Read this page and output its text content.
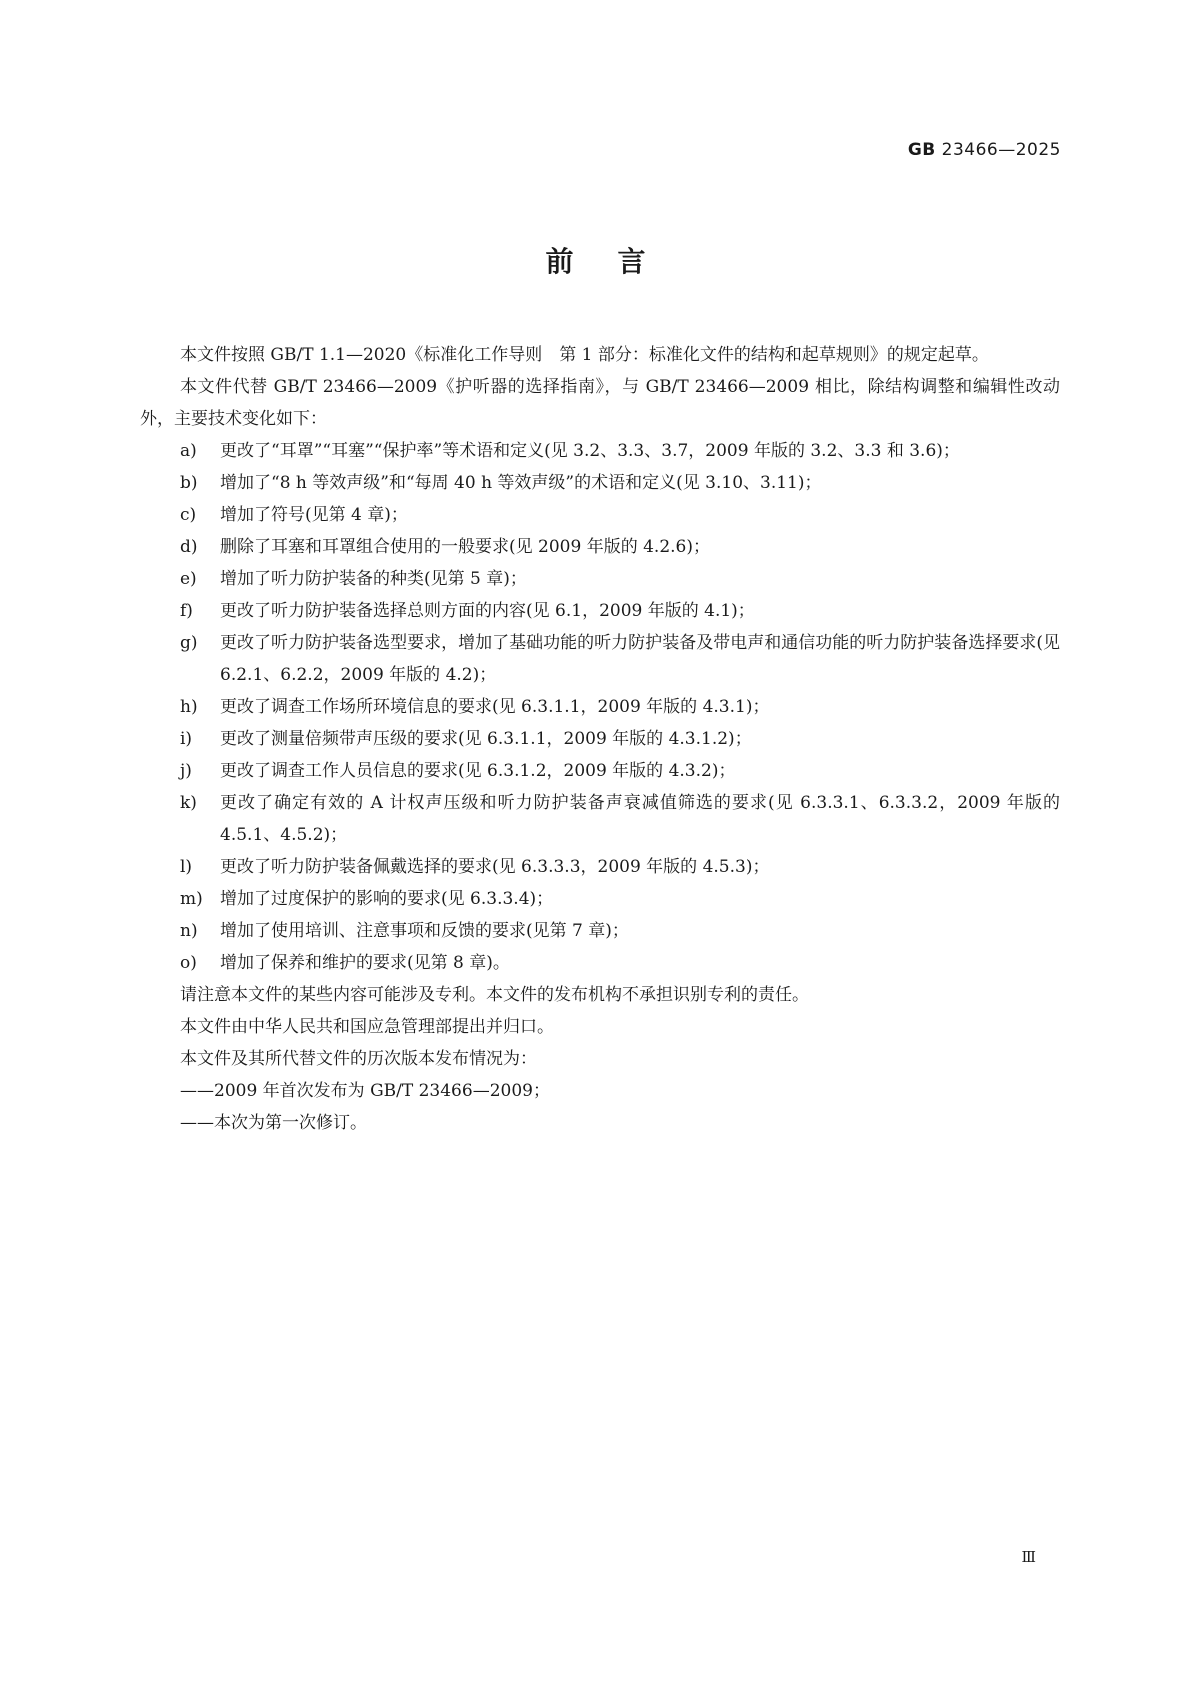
GB 23466—2025
前言

本文件按照 GB/T 1.1—2020《标准化工作导则　第 1 部分：标准化文件的结构和起草规则》的规定起草。

本文件代替 GB/T 23466—2009《护听器的选择指南》，与 GB/T 23466—2009 相比，除结构调整和编辑性改动外，主要技术变化如下：

a)	更改了“耳罩”“耳塞”“保护率”等术语和定义(见 3.2、3.3、3.7，2009 年版的 3.2、3.3 和 3.6)；
b)	增加了“8 h 等效声级”和“每周 40 h 等效声级”的术语和定义(见 3.10、3.11)；
c)	增加了符号(见第 4 章)；
d)	删除了耳塞和耳罩组合使用的一般要求(见 2009 年版的 4.2.6)；
e)	增加了听力防护装备的种类(见第 5 章)；
f)	更改了听力防护装备选择总则方面的内容(见 6.1，2009 年版的 4.1)；
g)	更改了听力防护装备选型要求，增加了基础功能的听力防护装备及带电声和通信功能的听力防护装备选择要求(见 6.2.1、6.2.2，2009 年版的 4.2)；
h)	更改了调查工作场所环境信息的要求(见 6.3.1.1，2009 年版的 4.3.1)；
i)	更改了测量倍频带声压级的要求(见 6.3.1.1，2009 年版的 4.3.1.2)；
j)	更改了调查工作人员信息的要求(见 6.3.1.2，2009 年版的 4.3.2)；
k)	更改了确定有效的 A 计权声压级和听力防护装备声衰减值筛选的要求(见 6.3.3.1、6.3.3.2，2009 年版的 4.5.1、4.5.2)；
l)	更改了听力防护装备佩戴选择的要求(见 6.3.3.3，2009 年版的 4.5.3)；
m)	增加了过度保护的影响的要求(见 6.3.3.4)；
n)	增加了使用培训、注意事项和反馈的要求(见第 7 章)；
o)	增加了保养和维护的要求(见第 8 章)。

请注意本文件的某些内容可能涉及专利。本文件的发布机构不承担识别专利的责任。

本文件由中华人民共和国应急管理部提出并归口。

本文件及其所代替文件的历次版本发布情况为：

——2009 年首次发布为 GB/T 23466—2009；

——本次为第一次修订。

Ⅲ
